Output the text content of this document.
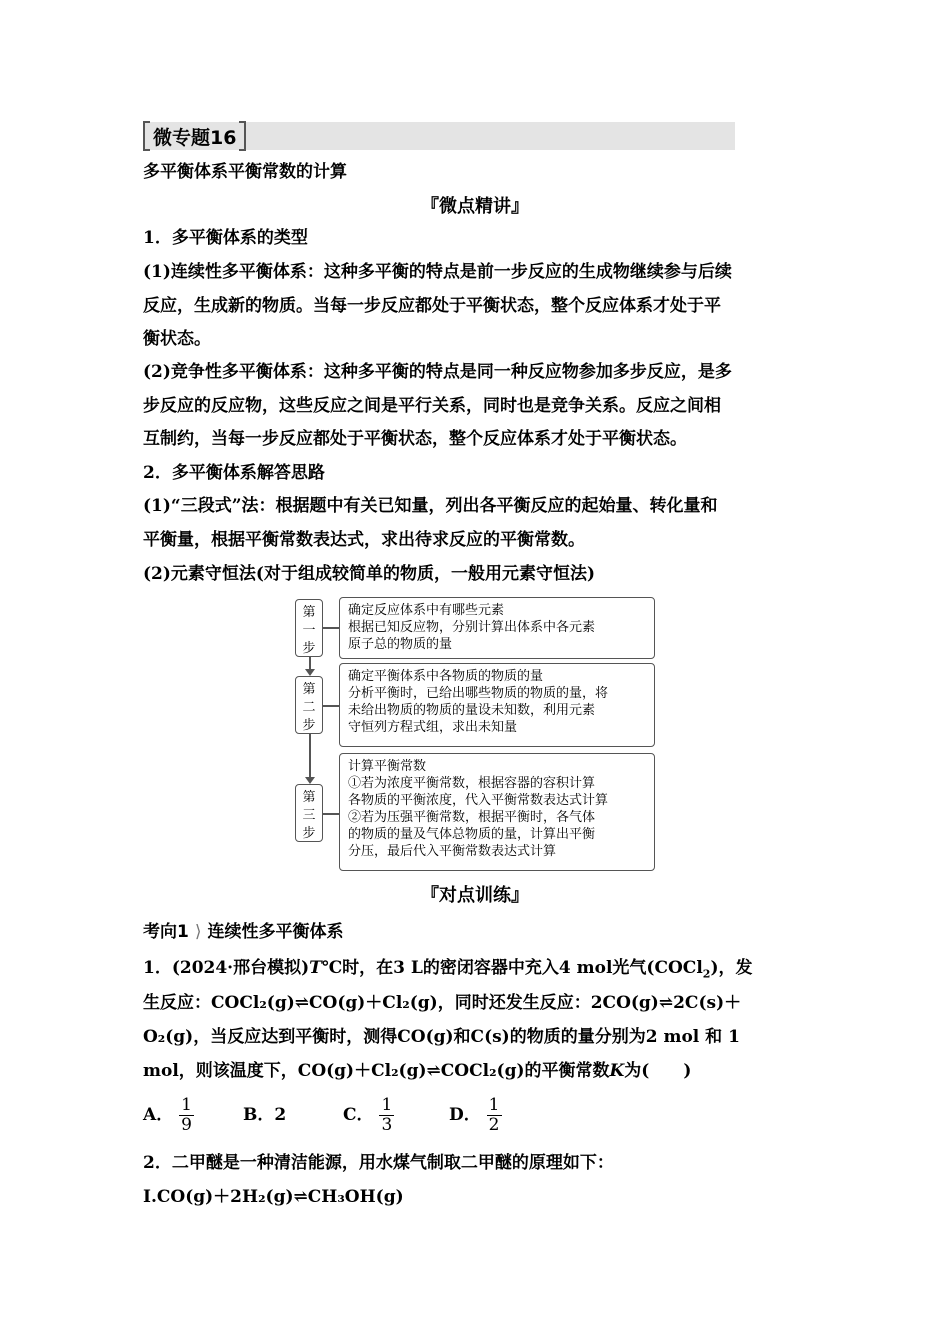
微专题16
多平衡体系平衡常数的计算
『微点精讲』
1．多平衡体系的类型
(1)连续性多平衡体系：这种多平衡的特点是前一步反应的生成物继续参与后续
反应，生成新的物质。当每一步反应都处于平衡状态，整个反应体系才处于平
衡状态。
(2)竞争性多平衡体系：这种多平衡的特点是同一种反应物参加多步反应，是多
步反应的反应物，这些反应之间是平行关系，同时也是竞争关系。反应之间相
互制约，当每一步反应都处于平衡状态，整个反应体系才处于平衡状态。
2．多平衡体系解答思路
(1)“三段式”法：根据题中有关已知量，列出各平衡反应的起始量、转化量和
平衡量，根据平衡常数表达式，求出待求反应的平衡常数。
(2)元素守恒法(对于组成较简单的物质，一般用元素守恒法)
第
一
步
确定反应体系中有哪些元素
根据已知反应物，分别计算出体系中各元素
原子总的物质的量
第
二
步
确定平衡体系中各物质的物质的量
分析平衡时，已给出哪些物质的物质的量，将
未给出物质的物质的量设未知数，利用元素
守恒列方程式组，求出未知量
第
三
步
计算平衡常数
①若为浓度平衡常数，根据容器的容积计算
各物质的平衡浓度，代入平衡常数表达式计算
②若为压强平衡常数，根据平衡时，各气体
的物质的量及气体总物质的量，计算出平衡
分压，最后代入平衡常数表达式计算
『对点训练』
考向1 ⟩ 连续性多平衡体系
1．(2024·邢台模拟)T℃时，在3 L的密闭容器中充入4 mol光气(COCl$_2$)，发
生反应：COCl₂(g)⇌CO(g)＋Cl₂(g)，同时还发生反应：2CO(g)⇌2C(s)＋
O₂(g)，当反应达到平衡时，测得CO(g)和C(s)的物质的量分别为2 mol 和 1
mol，则该温度下，CO(g)＋Cl₂(g)⇌COCl₂(g)的平衡常数K为(　　)
A． $\frac{1}{9}$	B．2	C． $\frac{1}{3}$	D． $\frac{1}{2}$
2．二甲醚是一种清洁能源，用水煤气制取二甲醚的原理如下：
Ⅰ.CO(g)＋2H₂(g)⇌CH₃OH(g)
